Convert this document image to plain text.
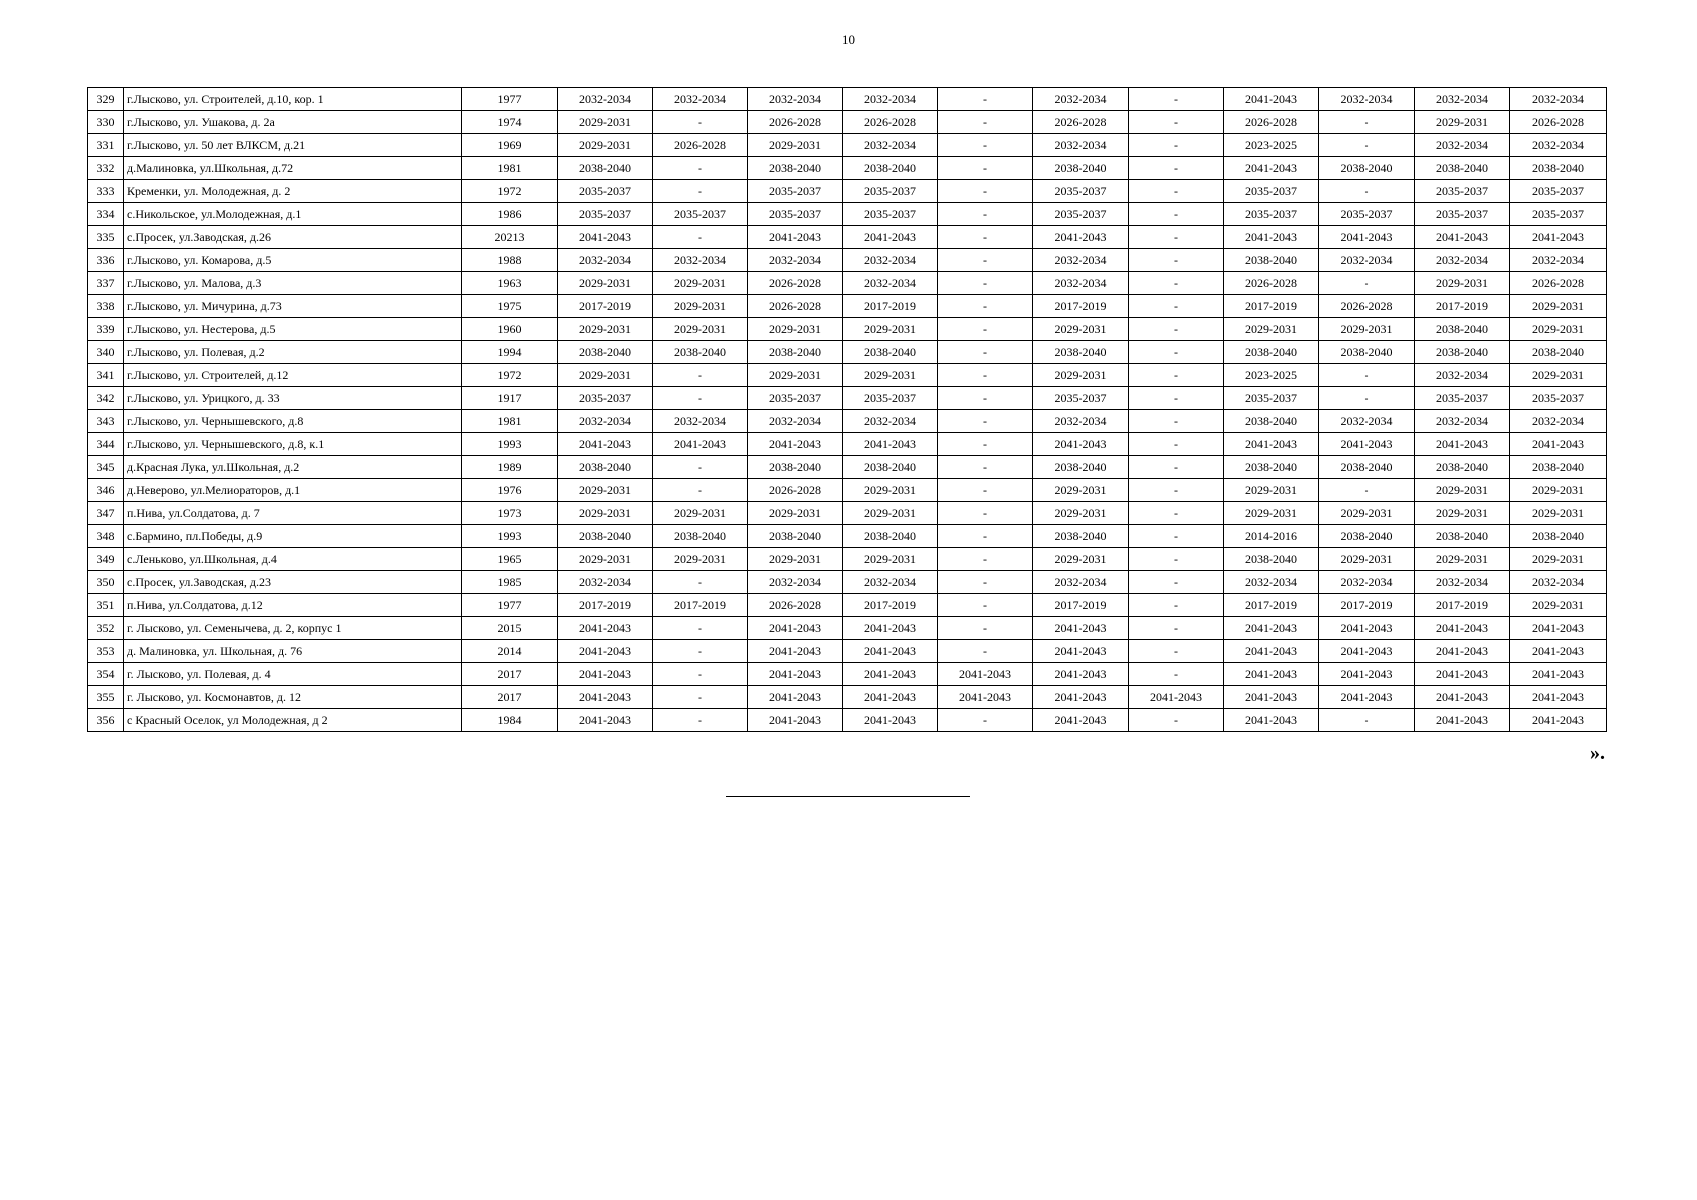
10
329	г.Лысково, ул. Строителей, д.10, кор. 1	1977	2032-2034	2032-2034	2032-2034	2032-2034	-	2032-2034	-	2041-2043	2032-2034	2032-2034	2032-2034
330	г.Лысково, ул. Ушакова, д. 2а	1974	2029-2031	-	2026-2028	2026-2028	-	2026-2028	-	2026-2028	-	2029-2031	2026-2028
331	г.Лысково, ул. 50 лет ВЛКСМ, д.21	1969	2029-2031	2026-2028	2029-2031	2032-2034	-	2032-2034	-	2023-2025	-	2032-2034	2032-2034
332	д.Малиновка, ул.Школьная, д.72	1981	2038-2040	-	2038-2040	2038-2040	-	2038-2040	-	2041-2043	2038-2040	2038-2040	2038-2040
333	Кременки, ул. Молодежная, д. 2	1972	2035-2037	-	2035-2037	2035-2037	-	2035-2037	-	2035-2037	-	2035-2037	2035-2037
334	с.Никольское, ул.Молодежная, д.1	1986	2035-2037	2035-2037	2035-2037	2035-2037	-	2035-2037	-	2035-2037	2035-2037	2035-2037	2035-2037
335	с.Просек, ул.Заводская, д.26	20213	2041-2043	-	2041-2043	2041-2043	-	2041-2043	-	2041-2043	2041-2043	2041-2043	2041-2043
336	г.Лысково, ул. Комарова, д.5	1988	2032-2034	2032-2034	2032-2034	2032-2034	-	2032-2034	-	2038-2040	2032-2034	2032-2034	2032-2034
337	г.Лысково, ул. Малова, д.3	1963	2029-2031	2029-2031	2026-2028	2032-2034	-	2032-2034	-	2026-2028	-	2029-2031	2026-2028
338	г.Лысково, ул. Мичурина, д.73	1975	2017-2019	2029-2031	2026-2028	2017-2019	-	2017-2019	-	2017-2019	2026-2028	2017-2019	2029-2031
339	г.Лысково, ул. Нестерова, д.5	1960	2029-2031	2029-2031	2029-2031	2029-2031	-	2029-2031	-	2029-2031	2029-2031	2038-2040	2029-2031
340	г.Лысково, ул. Полевая, д.2	1994	2038-2040	2038-2040	2038-2040	2038-2040	-	2038-2040	-	2038-2040	2038-2040	2038-2040	2038-2040
341	г.Лысково, ул. Строителей, д.12	1972	2029-2031	-	2029-2031	2029-2031	-	2029-2031	-	2023-2025	-	2032-2034	2029-2031
342	г.Лысково, ул. Урицкого, д. 33	1917	2035-2037	-	2035-2037	2035-2037	-	2035-2037	-	2035-2037	-	2035-2037	2035-2037
343	г.Лысково, ул. Чернышевского, д.8	1981	2032-2034	2032-2034	2032-2034	2032-2034	-	2032-2034	-	2038-2040	2032-2034	2032-2034	2032-2034
344	г.Лысково, ул. Чернышевского, д.8, к.1	1993	2041-2043	2041-2043	2041-2043	2041-2043	-	2041-2043	-	2041-2043	2041-2043	2041-2043	2041-2043
345	д.Красная Лука, ул.Школьная, д.2	1989	2038-2040	-	2038-2040	2038-2040	-	2038-2040	-	2038-2040	2038-2040	2038-2040	2038-2040
346	д.Неверово, ул.Мелиораторов, д.1	1976	2029-2031	-	2026-2028	2029-2031	-	2029-2031	-	2029-2031	-	2029-2031	2029-2031
347	п.Нива, ул.Солдатова, д. 7	1973	2029-2031	2029-2031	2029-2031	2029-2031	-	2029-2031	-	2029-2031	2029-2031	2029-2031	2029-2031
348	с.Бармино, пл.Победы, д.9	1993	2038-2040	2038-2040	2038-2040	2038-2040	-	2038-2040	-	2014-2016	2038-2040	2038-2040	2038-2040
349	с.Леньково, ул.Школьная, д.4	1965	2029-2031	2029-2031	2029-2031	2029-2031	-	2029-2031	-	2038-2040	2029-2031	2029-2031	2029-2031
350	с.Просек, ул.Заводская, д.23	1985	2032-2034	-	2032-2034	2032-2034	-	2032-2034	-	2032-2034	2032-2034	2032-2034	2032-2034
351	п.Нива, ул.Солдатова, д.12	1977	2017-2019	2017-2019	2026-2028	2017-2019	-	2017-2019	-	2017-2019	2017-2019	2017-2019	2029-2031
352	г. Лысково, ул. Семенычева, д. 2, корпус 1	2015	2041-2043	-	2041-2043	2041-2043	-	2041-2043	-	2041-2043	2041-2043	2041-2043	2041-2043
353	д. Малиновка, ул. Школьная, д. 76	2014	2041-2043	-	2041-2043	2041-2043	-	2041-2043	-	2041-2043	2041-2043	2041-2043	2041-2043
354	г. Лысково, ул. Полевая, д. 4	2017	2041-2043	-	2041-2043	2041-2043	2041-2043	2041-2043	-	2041-2043	2041-2043	2041-2043	2041-2043
355	г. Лысково, ул. Космонавтов, д. 12	2017	2041-2043	-	2041-2043	2041-2043	2041-2043	2041-2043	2041-2043	2041-2043	2041-2043	2041-2043	2041-2043
356	с Красный Оселок, ул Молодежная, д 2	1984	2041-2043	-	2041-2043	2041-2043	-	2041-2043	-	2041-2043	-	2041-2043	2041-2043
».
